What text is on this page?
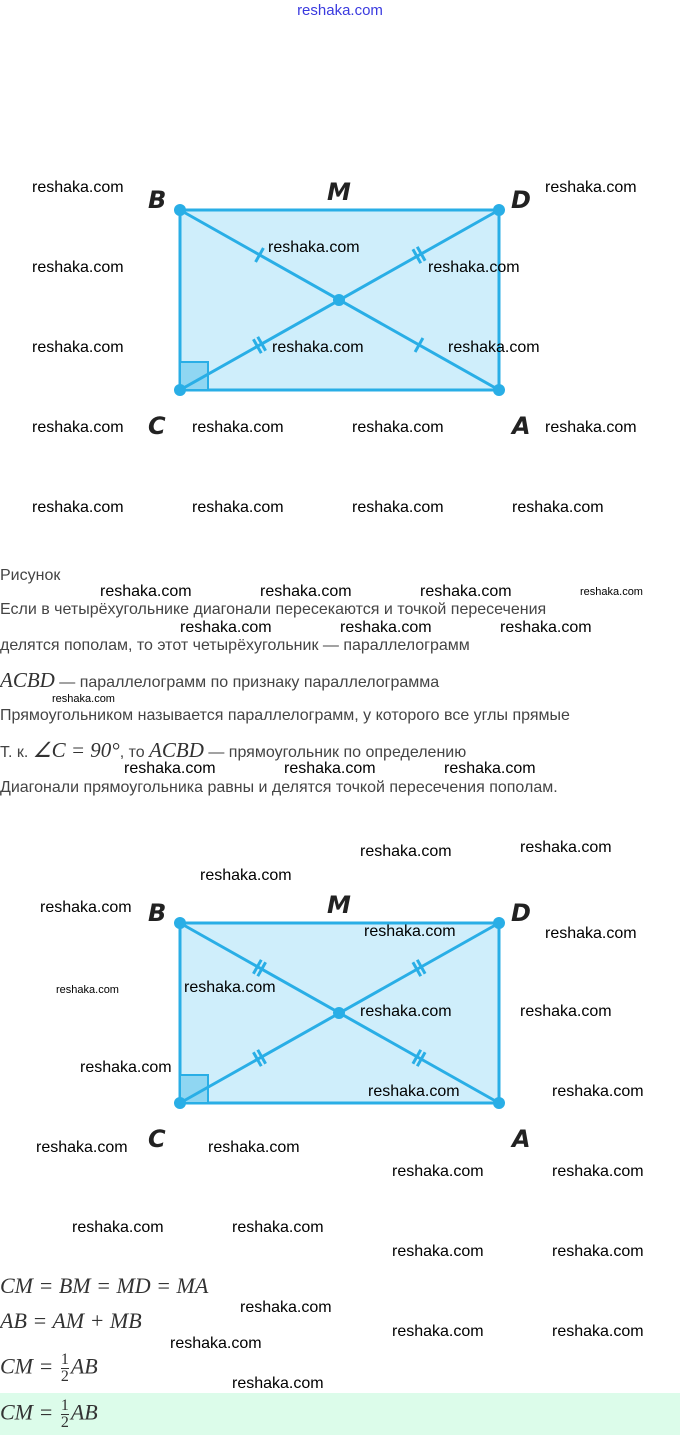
reshaka.com
B	D
C	A
M
B	D
C	A
M
Рисунок
Если в четырёхугольнике диагонали пересекаются и точкой пересечения
делятся пополам, то этот четырёхугольник — параллелограмм
ACBD — параллелограмм по признаку параллелограмма
Прямоугольником называется параллелограмм, у которого все углы прямые
Т. к. ∠C = 90°, то ACBD — прямоугольник по определению
Диагонали прямоугольника равны и делятся точкой пересечения пополам.
CM = BM = MD = MA
AB = AM + MB
CM = $\frac{1}{2}$ AB
CM = $\frac{1}{2}$ AB
reshaka.com	reshaka.com
reshaka.com
reshaka.com	reshaka.com
reshaka.com	reshaka.com	reshaka.com
reshaka.com	reshaka.com	reshaka.com	reshaka.com
reshaka.com	reshaka.com	reshaka.com	reshaka.com
reshaka.com	reshaka.com	reshaka.com	reshaka.com
reshaka.com	reshaka.com	reshaka.com
reshaka.com
reshaka.com	reshaka.com	reshaka.com
reshaka.com	reshaka.com
reshaka.com
reshaka.com
reshaka.com	reshaka.com
reshaka.com	reshaka.com
reshaka.com	reshaka.com
reshaka.com
reshaka.com	reshaka.com
reshaka.com	reshaka.com
reshaka.com	reshaka.com
reshaka.com	reshaka.com
reshaka.com	reshaka.com
reshaka.com
reshaka.com	reshaka.com
reshaka.com
reshaka.com
